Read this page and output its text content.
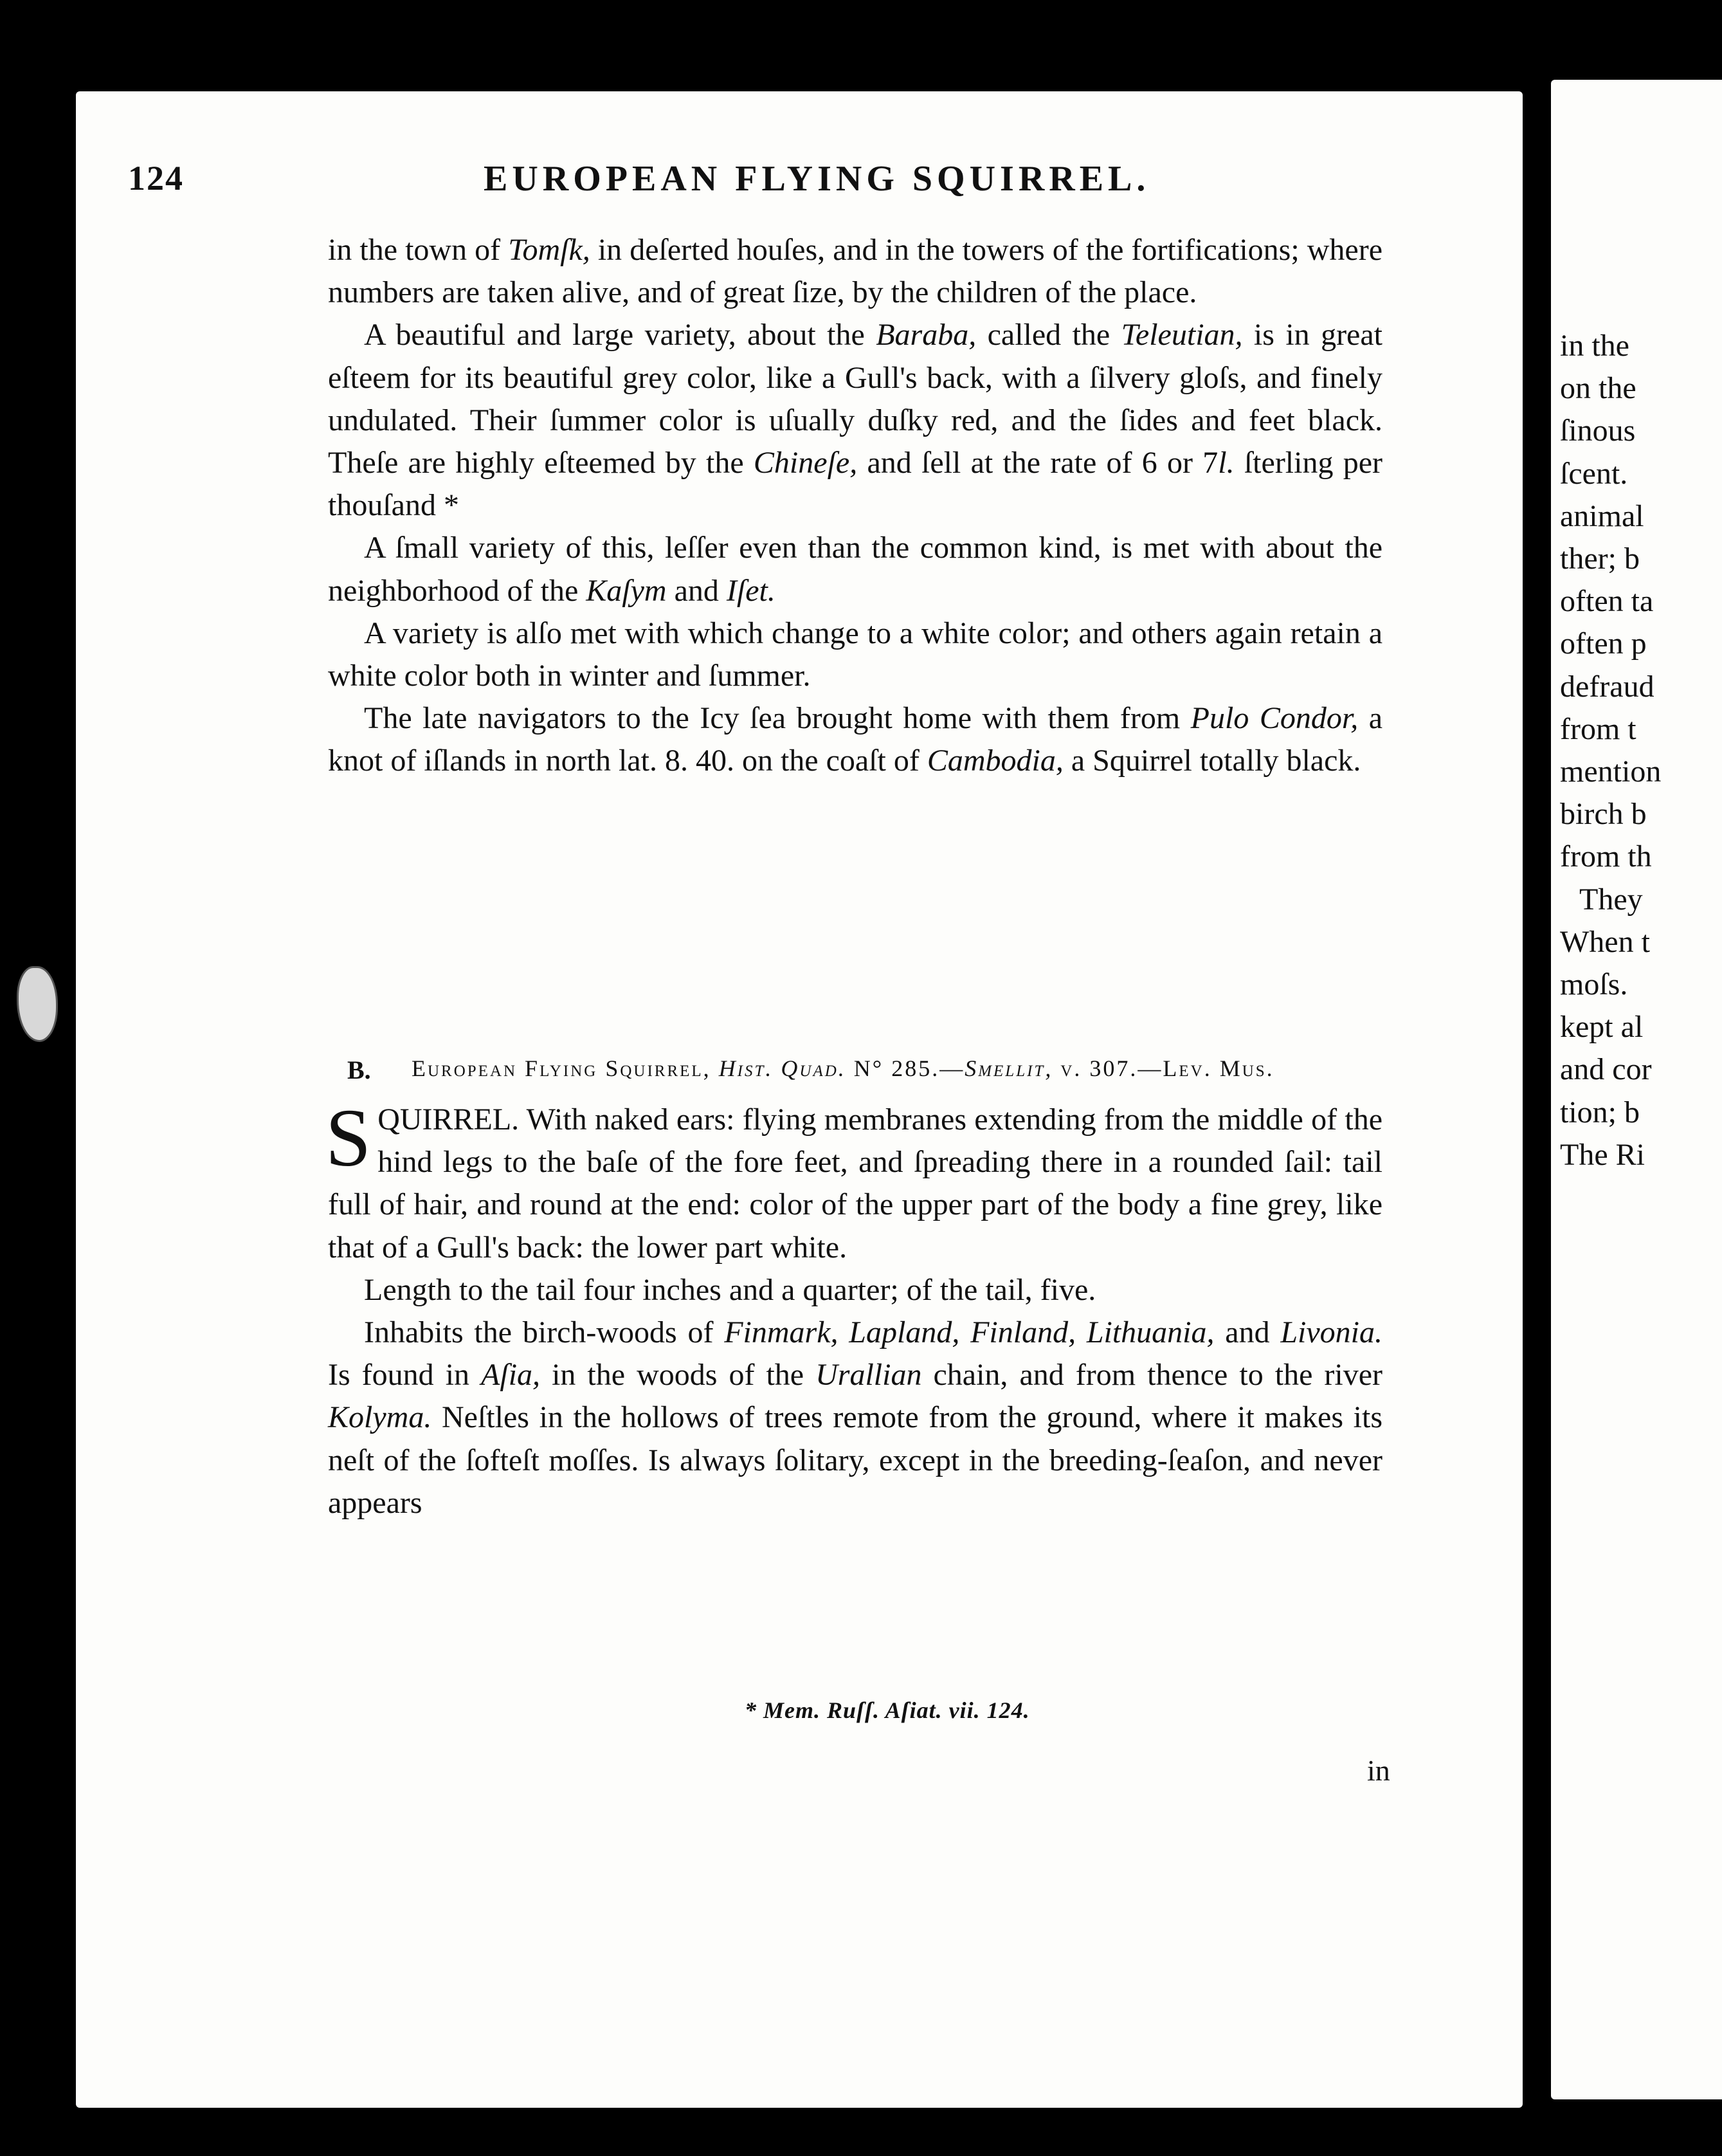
in the
on the
ſinous
ſcent.
animal
ther; b
often ta
often p
defraud
from t
mention
birch b
from th
They
When t
moſs.
kept al
and cor
tion; b
The Ri
124	EUROPEAN FLYING SQUIRREL.

in the town of Tomſk, in deſerted houſes, and in the towers of the fortifications; where numbers are taken alive, and of great ſize, by the children of the place.

A beautiful and large variety, about the Baraba, called the Teleutian, is in great eſteem for its beautiful grey color, like a Gull's back, with a ſilvery gloſs, and finely undulated. Their ſummer color is uſually duſky red, and the ſides and feet black. Theſe are highly eſteemed by the Chineſe, and ſell at the rate of 6 or 7l. ſterling per thouſand *

A ſmall variety of this, leſſer even than the common kind, is met with about the neighborhood of the Kaſym and Iſet.

A variety is alſo met with which change to a white color; and others again retain a white color both in winter and ſummer.

The late navigators to the Icy ſea brought home with them from Pulo Condor, a knot of iſlands in north lat. 8. 40. on the coaſt of Cambodia, a Squirrel totally black.

B. European Flying Squirrel, Hiſt. Quad. N° 285.—Smellit, v. 307.—Lev. Mus.

SQUIRREL. With naked ears: flying membranes extending from the middle of the hind legs to the baſe of the fore feet, and ſpreading there in a rounded ſail: tail full of hair, and round at the end: color of the upper part of the body a fine grey, like that of a Gull's back: the lower part white.

Length to the tail four inches and a quarter; of the tail, five.

Inhabits the birch-woods of Finmark, Lapland, Finland, Lithuania, and Livonia. Is found in Aſia, in the woods of the Urallian chain, and from thence to the river Kolyma. Neſtles in the hollows of trees remote from the ground, where it makes its neſt of the ſofteſt moſſes. Is always ſolitary, except in the breeding-ſeaſon, and never appears

* Mem. Ruſſ. Aſiat. vii. 124.
in
